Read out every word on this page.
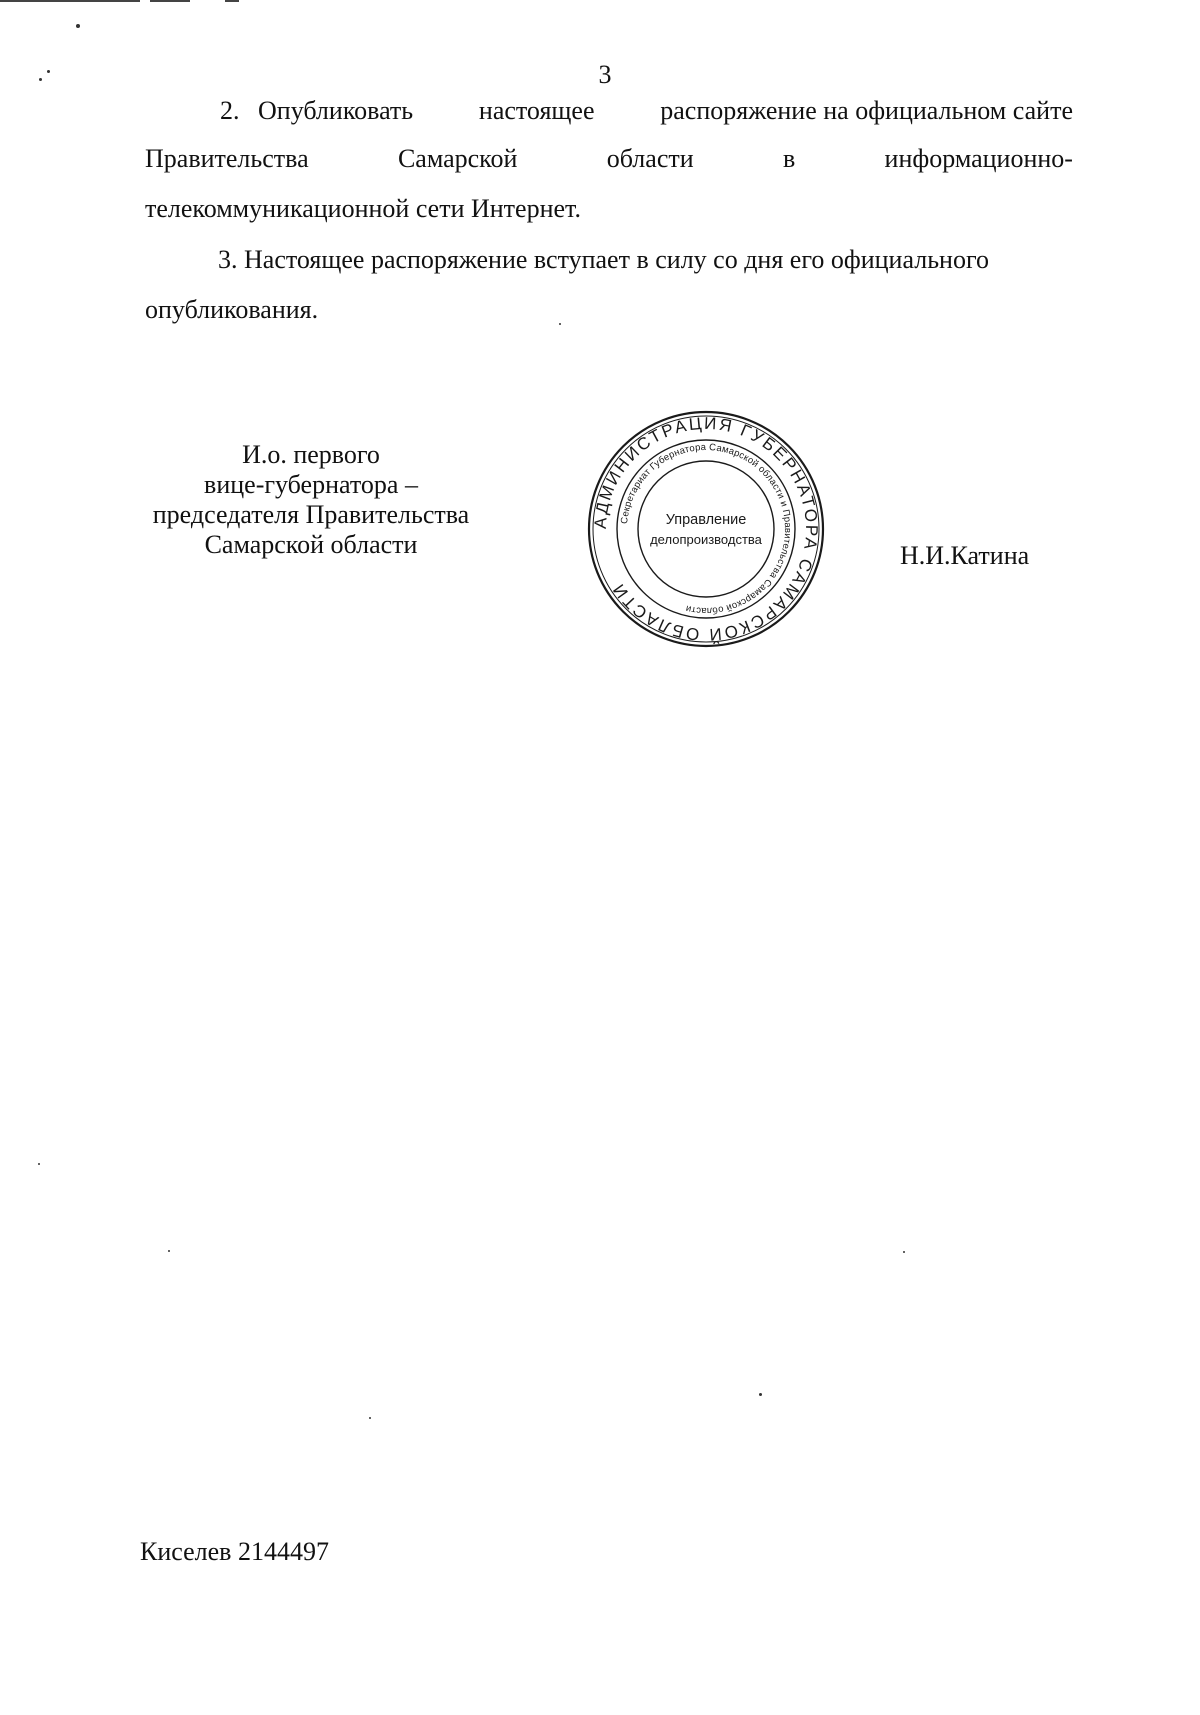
3
2. Опубликовать	настоящее	распоряжение на официальном сайте
Правительства	Самарской	области	в	информационно-
телекоммуникационной сети Интернет.
3. Настоящее распоряжение вступает в силу со дня его официального
опубликования.
И.о. первого
вице-губернатора –
председателя Правительства
Самарской области
АДМИНИСТРАЦИЯ ГУБЕРНАТОРА САМАРСКОЙ ОБЛАСТИ
Секретариат Губернатора Самарской области и Правительства Самарской области
Управление
делопроизводства
Н.И.Катина
Киселев 2144497
